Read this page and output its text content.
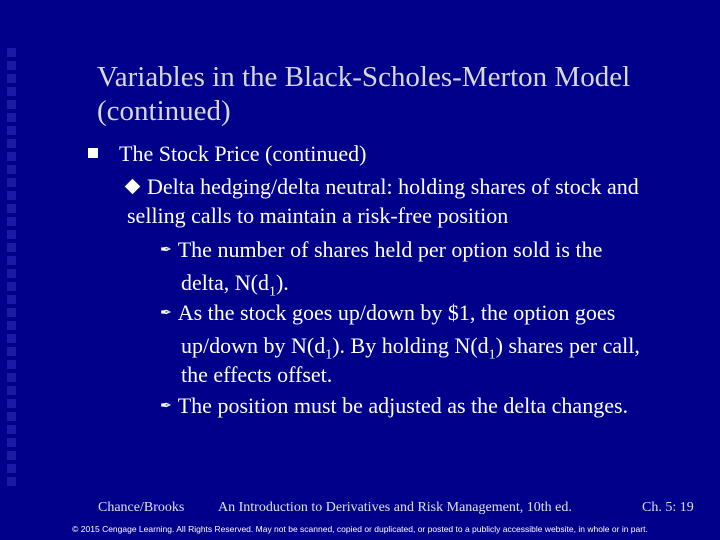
Variables in the Black-Scholes-Merton Model (continued)
The Stock Price (continued)
Delta hedging/delta neutral: holding shares of stock and selling calls to maintain a risk-free position
✒ The number of shares held per option sold is the
delta, $N(d_1)$.
✒ As the stock goes up/down by $1, the option goes
up/down by $N(d_1)$. By holding $N(d_1)$ shares per call,
the effects offset.
✒ The position must be adjusted as the delta changes.
Chance/Brooks An Introduction to Derivatives and Risk Management, 10th ed.	Ch. 5: 19
© 2015 Cengage Learning. All Rights Reserved. May not be scanned, copied or duplicated, or posted to a publicly accessible website, in whole or in part.
